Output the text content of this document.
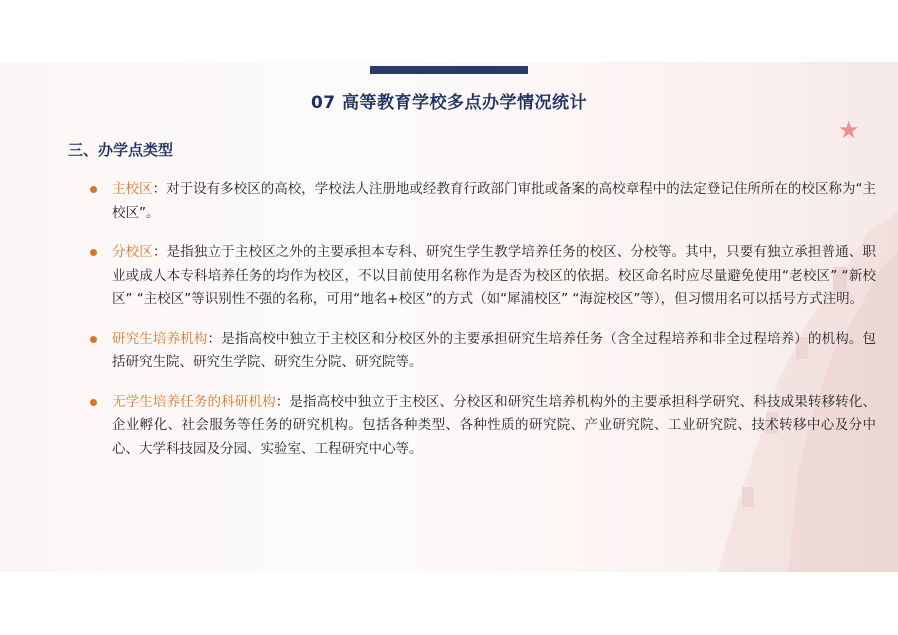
07 高等教育学校多点办学情况统计
★
三、办学点类型
主校区：对于设有多校区的高校，学校法人注册地或经教育行政部门审批或备案的高校章程中的法定登记住所所在的校区称为“主校区”。
分校区：是指独立于主校区之外的主要承担本专科、研究生学生教学培养任务的校区、分校等。其中，只要有独立承担普通、职业或成人本专科培养任务的均作为校区，不以目前使用名称作为是否为校区的依据。校区命名时应尽量避免使用“老校区” “新校区” “主校区”等识别性不强的名称，可用“地名+校区”的方式（如“犀浦校区” “海淀校区”等），但习惯用名可以括号方式注明。
研究生培养机构：是指高校中独立于主校区和分校区外的主要承担研究生培养任务（含全过程培养和非全过程培养）的机构。包括研究生院、研究生学院、研究生分院、研究院等。
无学生培养任务的科研机构：是指高校中独立于主校区、分校区和研究生培养机构外的主要承担科学研究、科技成果转移转化、企业孵化、社会服务等任务的研究机构。包括各种类型、各种性质的研究院、产业研究院、工业研究院、技术转移中心及分中心、大学科技园及分园、实验室、工程研究中心等。
